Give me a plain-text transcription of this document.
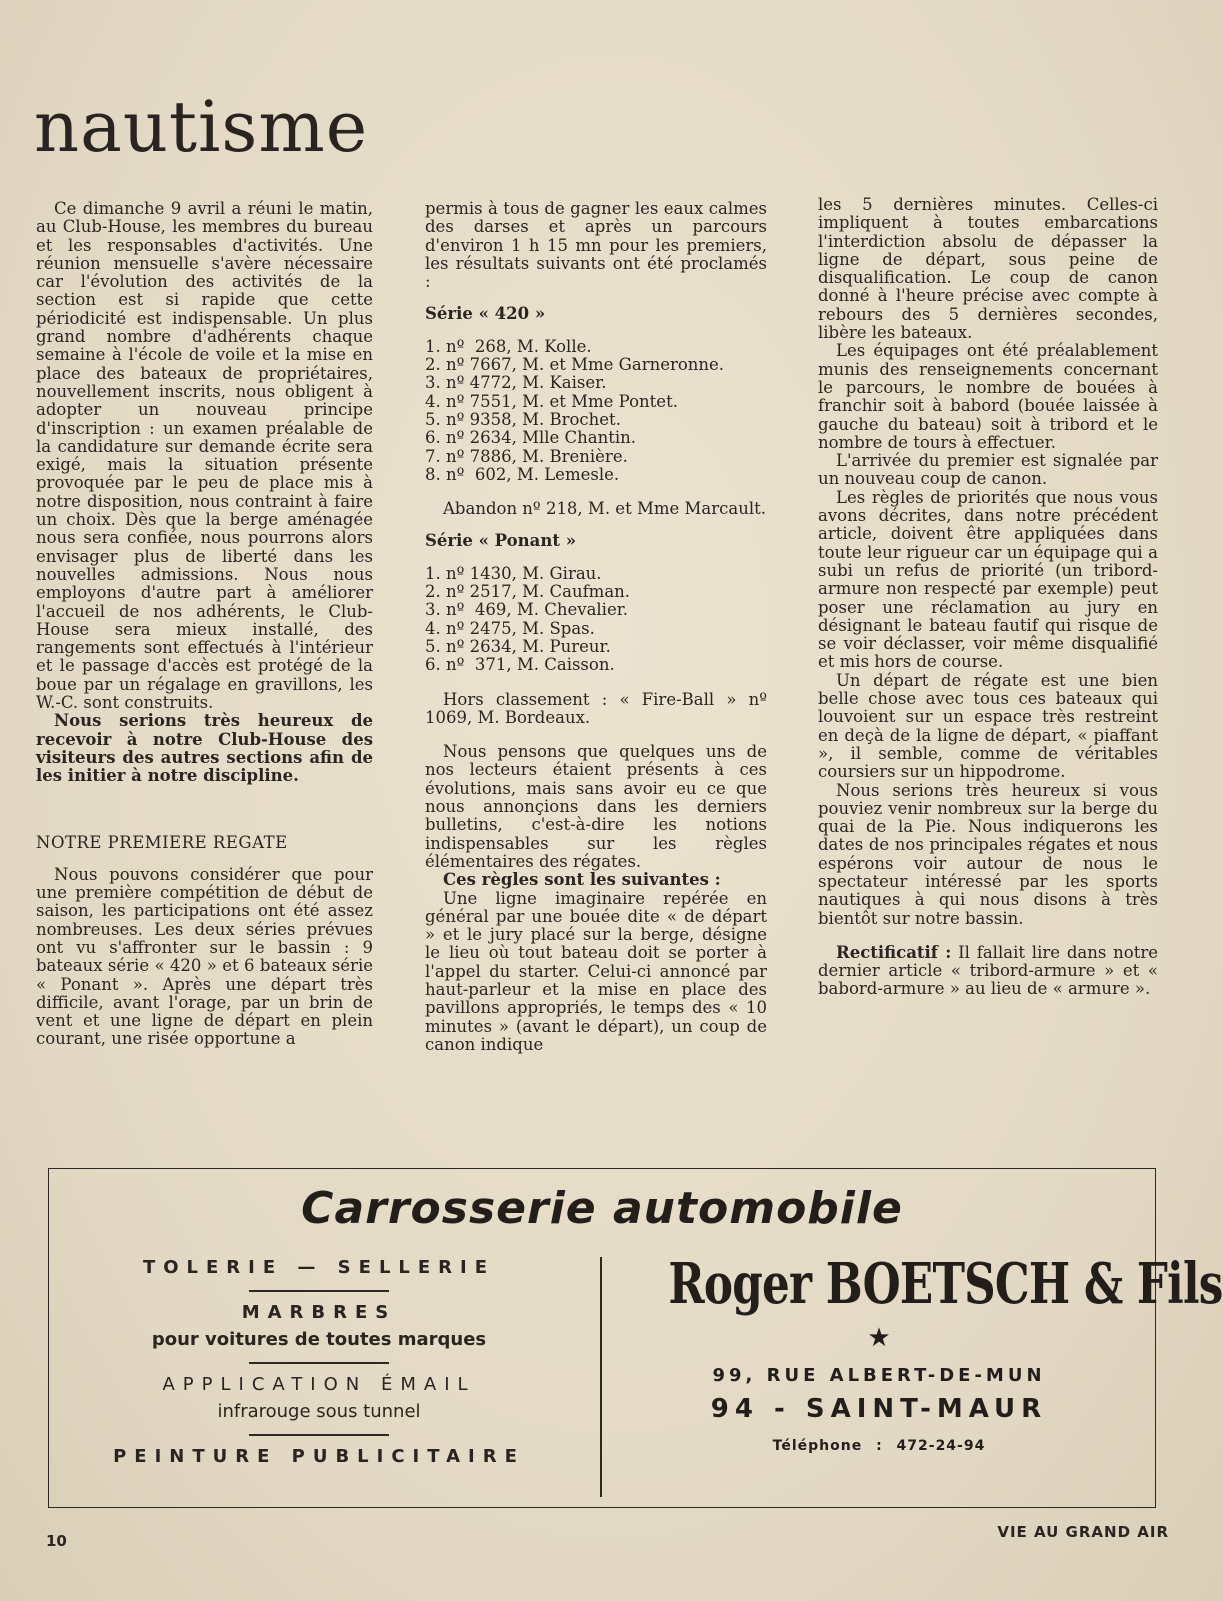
nautisme

Ce dimanche 9 avril a réuni le matin, au Club-House, les membres du bureau et les responsables d'activités. Une réunion mensuelle s'avère nécessaire car l'évolution des activités de la section est si rapide que cette périodicité est indispensable. Un plus grand nombre d'adhérents chaque semaine à l'école de voile et la mise en place des bateaux de propriétaires, nouvellement inscrits, nous obligent à adopter un nouveau principe d'inscription : un examen préalable de la candidature sur demande écrite sera exigé, mais la situation présente provoquée par le peu de place mis à notre disposition, nous contraint à faire un choix. Dès que la berge aménagée nous sera confiée, nous pourrons alors envisager plus de liberté dans les nouvelles admissions. Nous nous employons d'autre part à améliorer l'accueil de nos adhérents, le Club-House sera mieux installé, des rangements sont effectués à l'intérieur et le passage d'accès est protégé de la boue par un régalage en gravillons, les W.-C. sont construits.

Nous serions très heureux de recevoir à notre Club-House des visiteurs des autres sections afin de les initier à notre discipline.

NOTRE PREMIERE REGATE

Nous pouvons considérer que pour une première compétition de début de saison, les participations ont été assez nombreuses. Les deux séries prévues ont vu s'affronter sur le bassin : 9 bateaux série « 420 » et 6 bateaux série « Ponant ». Après une départ très difficile, avant l'orage, par un brin de vent et une ligne de départ en plein courant, une risée opportune a

permis à tous de gagner les eaux calmes des darses et après un parcours d'environ 1 h 15 mn pour les premiers, les résultats suivants ont été proclamés :

Série « 420 »

1. nº  268, M. Kolle.
2. nº 7667, M. et Mme Garneronne.
3. nº 4772, M. Kaiser.
4. nº 7551, M. et Mme Pontet.
5. nº 9358, M. Brochet.
6. nº 2634, Mlle Chantin.
7. nº 7886, M. Brenière.
8. nº  602, M. Lemesle.

Abandon nº 218, M. et Mme Marcault.

Série « Ponant »

1. nº 1430, M. Girau.
2. nº 2517, M. Caufman.
3. nº  469, M. Chevalier.
4. nº 2475, M. Spas.
5. nº 2634, M. Pureur.
6. nº  371, M. Caisson.

Hors classement : « Fire-Ball » nº 1069, M. Bordeaux.

Nous pensons que quelques uns de nos lecteurs étaient présents à ces évolutions, mais sans avoir eu ce que nous annonçions dans les derniers bulletins, c'est-à-dire les notions indispensables sur les règles élémentaires des régates.

Ces règles sont les suivantes :

Une ligne imaginaire repérée en général par une bouée dite « de départ » et le jury placé sur la berge, désigne le lieu où tout bateau doit se porter à l'appel du starter. Celui-ci annoncé par haut-parleur et la mise en place des pavillons appropriés, le temps des « 10 minutes » (avant le départ), un coup de canon indique

les 5 dernières minutes. Celles-ci impliquent à toutes embarcations l'interdiction absolu de dépasser la ligne de départ, sous peine de disqualification. Le coup de canon donné à l'heure précise avec compte à rebours des 5 dernières secondes, libère les bateaux.

Les équipages ont été préalablement munis des renseignements concernant le parcours, le nombre de bouées à franchir soit à babord (bouée laissée à gauche du bateau) soit à tribord et le nombre de tours à effectuer.

L'arrivée du premier est signalée par un nouveau coup de canon.

Les règles de priorités que nous vous avons décrites, dans notre précédent article, doivent être appliquées dans toute leur rigueur car un équipage qui a subi un refus de priorité (un tribord-armure non respecté par exemple) peut poser une réclamation au jury en désignant le bateau fautif qui risque de se voir déclasser, voir même disqualifié et mis hors de course.

Un départ de régate est une bien belle chose avec tous ces bateaux qui louvoient sur un espace très restreint en deçà de la ligne de départ, « piaffant », il semble, comme de véritables coursiers sur un hippodrome.

Nous serions très heureux si vous pouviez venir nombreux sur la berge du quai de la Pie. Nous indiquerons les dates de nos principales régates et nous espérons voir autour de nous le spectateur intéressé par les sports nautiques à qui nous disons à très bientôt sur notre bassin.

Rectificatif : Il fallait lire dans notre dernier article « tribord-armure » et « babord-armure » au lieu de « armure ».

Carrosserie automobile

TOLERIE — SELLERIE

MARBRES

pour voitures de toutes marques

APPLICATION ÉMAIL

infrarouge sous tunnel

PEINTURE PUBLICITAIRE

Roger BOETSCH & Fils
★
99, RUE ALBERT-DE-MUN
94 - SAINT-MAUR
Téléphone : 472-24-94
10	VIE AU GRAND AIR
